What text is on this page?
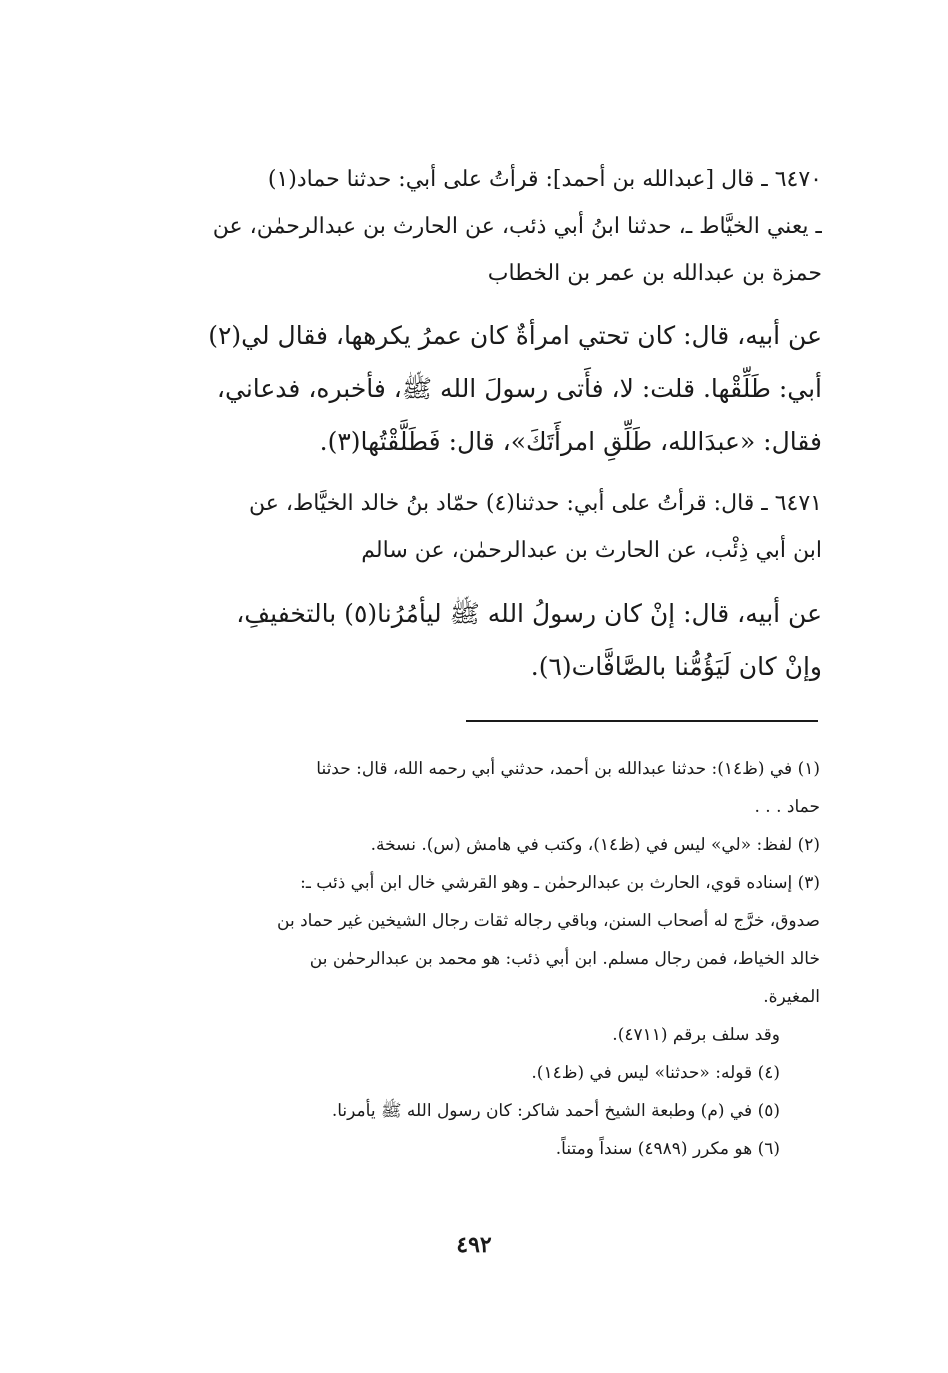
٦٤٧٠ ـ قال [عبدالله بن أحمد]: قرأتُ على أبي: حدثنا حماد(١)
ـ يعني الخيَّاط ـ، حدثنا ابنُ أبي ذئب، عن الحارث بن عبدالرحمٰن، عن
حمزة بن عبدالله بن عمر بن الخطاب
عن أبيه، قال: كان تحتي امرأةٌ كان عمرُ يكرهها، فقال لي(٢)
أبي: طَلِّقْها. قلت: لا، فأَتى رسولَ الله ﷺ، فأخبره، فدعاني،
فقال: «عبدَالله، طَلِّقِ امرأَتَكَ»، قال: فَطَلَّقْتُها(٣).
٦٤٧١ ـ قال: قرأتُ على أبي: حدثنا(٤) حمّاد بنُ خالد الخيَّاط، عن
ابن أبي ذِئْب، عن الحارث بن عبدالرحمٰن، عن سالم
عن أبيه، قال: إنْ كان رسولُ الله ﷺ ليأمُرُنا(٥) بالتخفيفِ،
وإنْ كان لَيَؤُمُّنا بالصَّافَّات(٦).
(١) في (ظ١٤): حدثنا عبدالله بن أحمد، حدثني أبي رحمه الله، قال: حدثنا
حماد . . .
(٢) لفظ: «لي» ليس في (ظ١٤)، وكتب في هامش (س). نسخة.
(٣) إسناده قوي، الحارث بن عبدالرحمٰن ـ وهو القرشي خال ابن أبي ذئب ـ:
صدوق، خرَّج له أصحاب السنن، وباقي رجاله ثقات رجال الشيخين غير حماد بن
خالد الخياط، فمن رجال مسلم. ابن أبي ذئب: هو محمد بن عبدالرحمٰن بن
المغيرة.
وقد سلف برقم (٤٧١١).
(٤) قوله: «حدثنا» ليس في (ظ١٤).
(٥) في (م) وطبعة الشيخ أحمد شاكر: كان رسول الله ﷺ يأمرنا.
(٦) هو مكرر (٤٩٨٩) سنداً ومتناً.
٤٩٢
